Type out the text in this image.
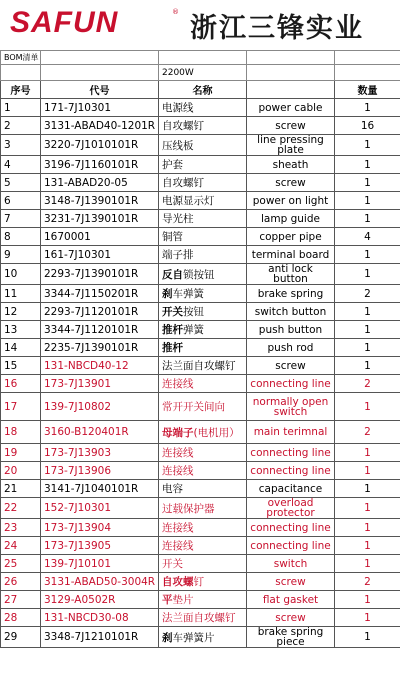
SAFUN	®
浙江三锋实业
BOM清单				
		2200W		
序号	代号	名称		数量
1	171-7J10301	电源线	power cable	1
2	3131-ABAD40-1201R	自攻螺钉	screw	16
3	3220-7J1010101R	压线板	line pressing plate	1
4	3196-7J1160101R	护套	sheath	1
5	131-ABAD20-05	自攻螺钉	screw	1
6	3148-7J1390101R	电源显示灯	power on light	1
7	3231-7J1390101R	导光柱	lamp guide	1
8	1670001	铜管	copper pipe	4
9	161-7J10301	端子排	terminal board	1
10	2293-7J1390101R	反自锁按钮	anti lock button	1
11	3344-7J1150201R	刹车弹簧	brake spring	2
12	2293-7J1120101R	开关按钮	switch button	1
13	3344-7J1120101R	推杆弹簧	push button	1
14	2235-7J1390101R	推杆	push rod	1
15	131-NBCD40-12	法兰面自攻螺钉	screw	1
16	173-7J13901	连接线	connecting line	2
17	139-7J10802	常开开关间向	normally open switch	1
18	3160-B120401R	母端子(电机用）	main terimnal	2
19	173-7J13903	连接线	connecting line	1
20	173-7J13906	连接线	connecting line	1
21	3141-7J1040101R	电容	capacitance	1
22	152-7J10301	过载保护器	overload protector	1
23	173-7J13904	连接线	connecting line	1
24	173-7J13905	连接线	connecting line	1
25	139-7J10101	开关	switch	1
26	3131-ABAD50-3004R	自攻螺钉	screw	2
27	3129-A0502R	平垫片	flat gasket	1
28	131-NBCD30-08	法兰面自攻螺钉	screw	1
29	3348-7J1210101R	刹车弹簧片	brake spring piece	1
